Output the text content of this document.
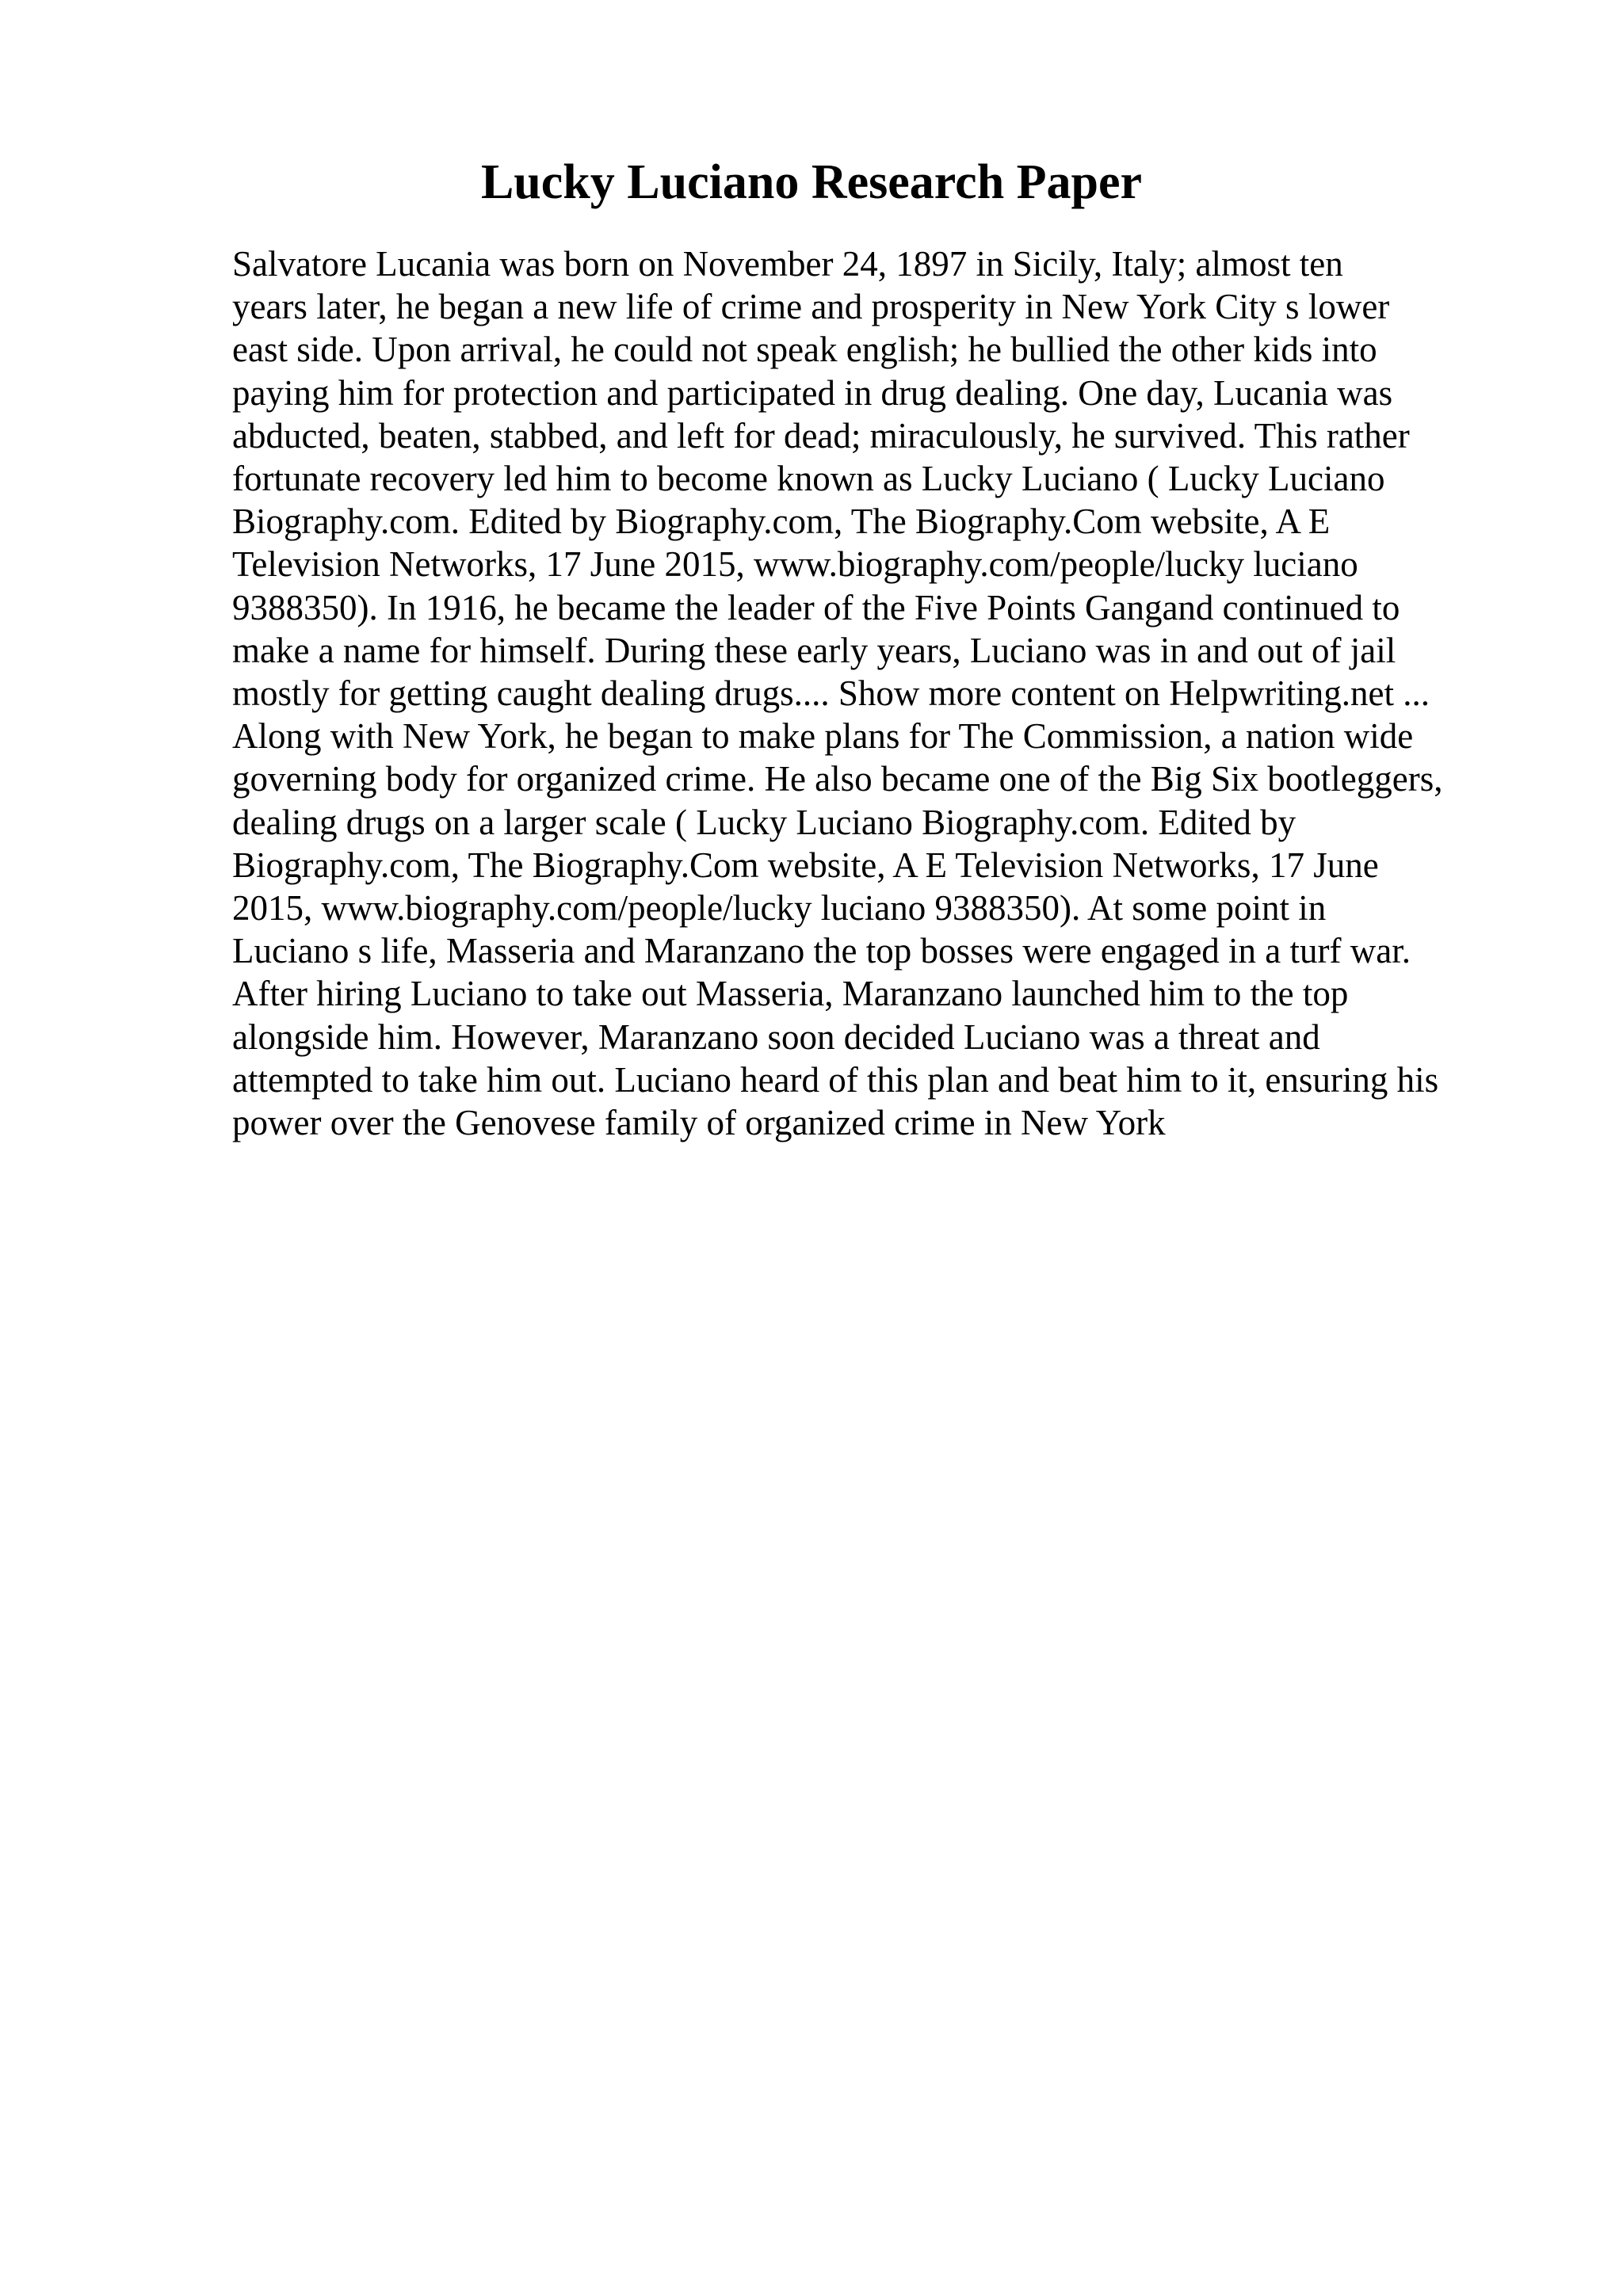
Lucky Luciano Research Paper
Salvatore Lucania was born on November 24, 1897 in Sicily, Italy; almost ten
years later, he began a new life of crime and prosperity in New York City s lower
east side. Upon arrival, he could not speak english; he bullied the other kids into
paying him for protection and participated in drug dealing. One day, Lucania was
abducted, beaten, stabbed, and left for dead; miraculously, he survived. This rather
fortunate recovery led him to become known as Lucky Luciano ( Lucky Luciano
Biography.com. Edited by Biography.com, The Biography.Com website, A E
Television Networks, 17 June 2015, www.biography.com/people/lucky luciano
9388350). In 1916, he became the leader of the Five Points Gangand continued to
make a name for himself. During these early years, Luciano was in and out of jail
mostly for getting caught dealing drugs.... Show more content on Helpwriting.net ...
Along with New York, he began to make plans for The Commission, a nation wide
governing body for organized crime. He also became one of the Big Six bootleggers,
dealing drugs on a larger scale ( Lucky Luciano Biography.com. Edited by
Biography.com, The Biography.Com website, A E Television Networks, 17 June
2015, www.biography.com/people/lucky luciano 9388350). At some point in
Luciano s life, Masseria and Maranzano the top bosses were engaged in a turf war.
After hiring Luciano to take out Masseria, Maranzano launched him to the top
alongside him. However, Maranzano soon decided Luciano was a threat and
attempted to take him out. Luciano heard of this plan and beat him to it, ensuring his
power over the Genovese family of organized crime in New York
